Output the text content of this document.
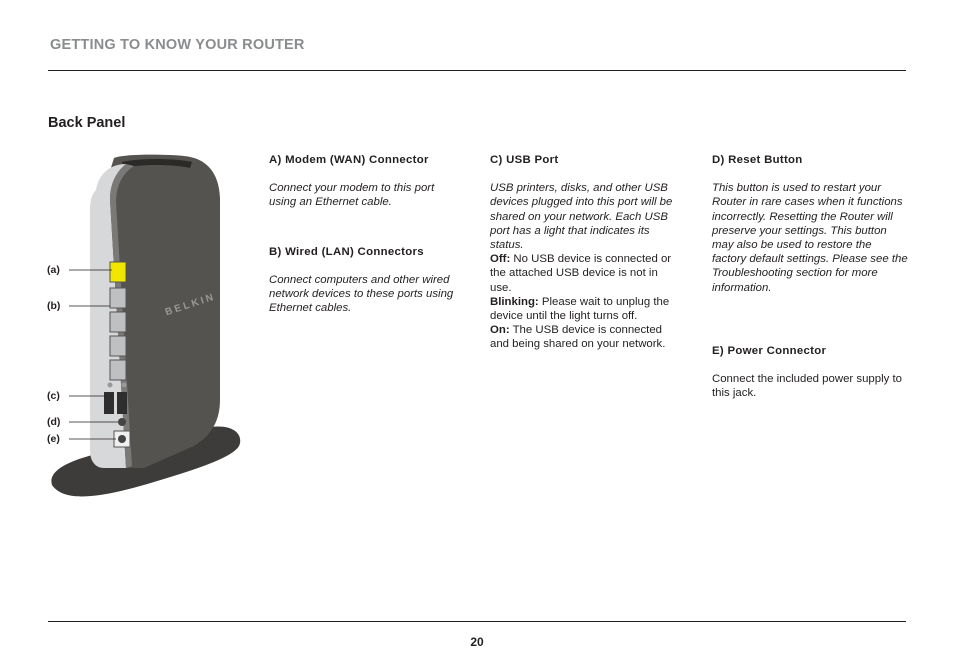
GETTING TO KNOW YOUR ROUTER
Back Panel
BELKIN
(a)
(b)
(c)
(d)
(e)

A) Modem (WAN) Connector

Connect your modem to this port using an Ethernet cable.

B) Wired (LAN) Connectors

Connect computers and other wired network devices to these ports using Ethernet cables.

C) USB Port

USB printers, disks, and other USB devices plugged into this port will be shared on your network. Each USB port has a light that indicates its status.

Off: No USB device is connected or the attached USB device is not in use.

Blinking: Please wait to unplug the device until the light turns off.

On: The USB device is connected and being shared on your network.

D) Reset Button

This button is used to restart your Router in rare cases when it functions incorrectly. Resetting the Router will preserve your settings. This button may also be used to restore the factory default settings. Please see the Troubleshooting section for more information.

E) Power Connector

Connect the included power supply to this jack.

20
